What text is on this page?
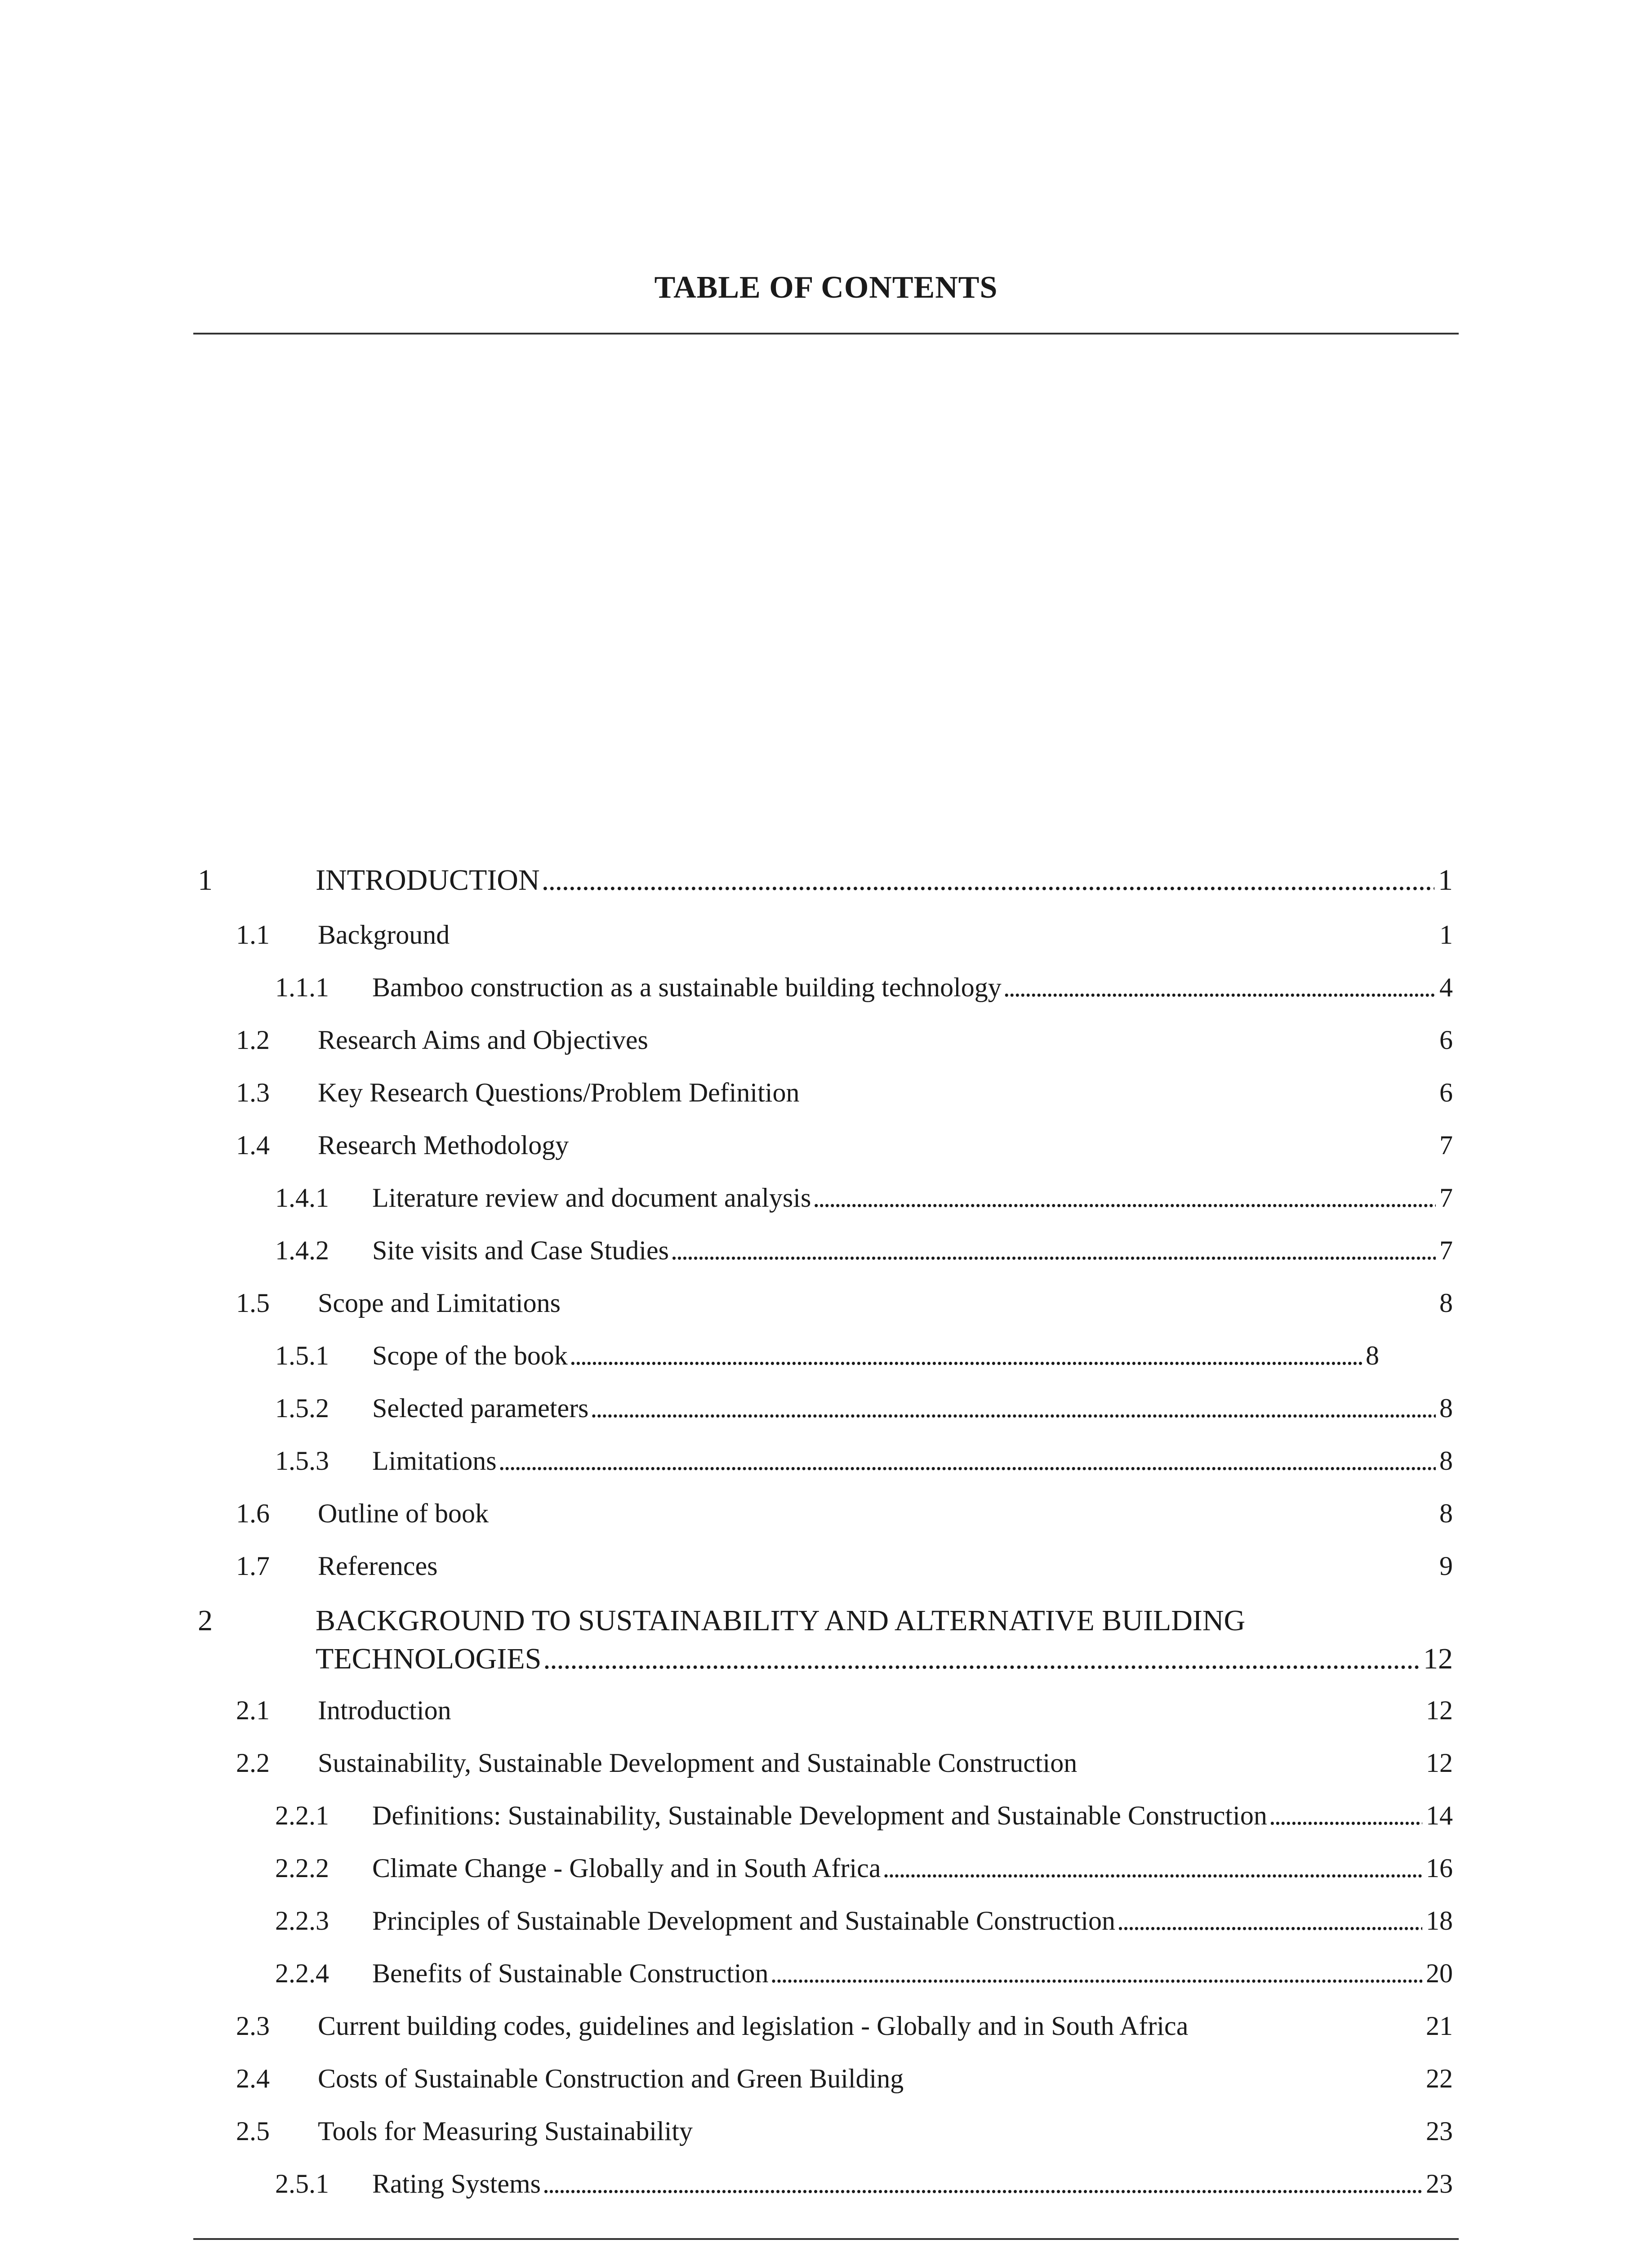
TABLE OF CONTENTS
1	INTRODUCTION . . .	1
1.1 Background	1
1.1.1 Bamboo construction as a sustainable building technology . . .	4
1.2 Research Aims and Objectives	6
1.3 Key Research Questions/Problem Definition	6
1.4 Research Methodology	7
1.4.1 Literature review and document analysis . . .	7
1.4.2 Site visits and Case Studies . . .	7
1.5 Scope and Limitations	8
1.5.1 Scope of the book . . .	8
1.5.2 Selected parameters . . .	8
1.5.3 Limitations . . .	8
1.6 Outline of book	8
1.7 References	9
2	BACKGROUND TO SUSTAINABILITY AND ALTERNATIVE BUILDING
TECHNOLOGIES . . .	12
2.1 Introduction	12
2.2 Sustainability, Sustainable Development and Sustainable Construction	12
2.2.1 Definitions: Sustainability, Sustainable Development and Sustainable Construction . . .	14
2.2.2 Climate Change - Globally and in South Africa . . .	16
2.2.3 Principles of Sustainable Development and Sustainable Construction . . .	18
2.2.4 Benefits of Sustainable Construction . . .	20
2.3 Current building codes, guidelines and legislation - Globally and in South Africa	21
2.4 Costs of Sustainable Construction and Green Building	22
2.5 Tools for Measuring Sustainability	23
2.5.1 Rating Systems . . .	23
